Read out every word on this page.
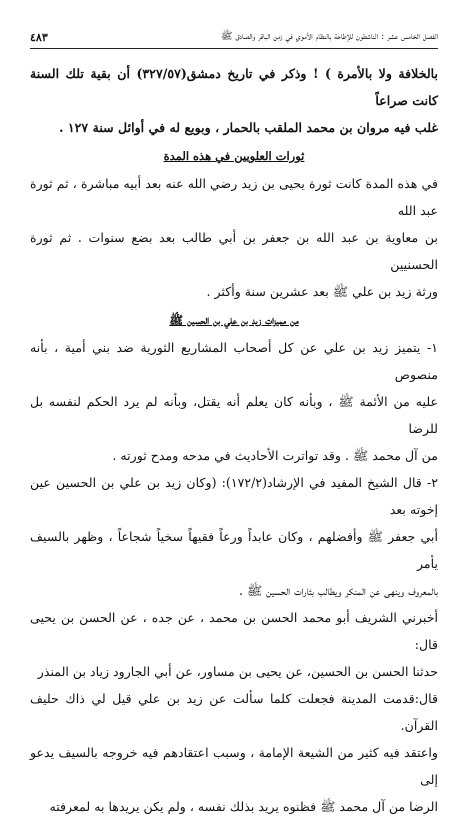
الفصل الخامس عشر : الناشطون للإطاحة بالنظام الأموي في زمن الباقر والصادق ﷺ
٤٨٣

بالخلافة ولا بالأمرة ) ! وذكر في تاريخ دمشق(٣٢٧/٥٧) أن بقية تلك السنة كانت صراعاً

غلب فيه مروان بن محمد الملقب بالحمار ، وبويع له في أوائل سنة ١٢٧ .

ثورات العلويين في هذه المدة

في هذه المدة كانت ثورة يحيى بن زيد رضي الله عنه بعد أبيه مباشرة ، ثم ثورة عبد الله

بن معاوية بن عبد الله بن جعفر بن أبي طالب بعد بضع سنوات . ثم ثورة الحسنيين

ورثة زيد بن علي ﷺ بعد عشرين سنة وأكثر .

من مميزات زيد بن علي بن الحسين ﷺ

١- يتميز زيد بن علي عن كل أصحاب المشاريع الثورية ضد بني أمية ، بأنه منصوص

عليه من الأئمة ﷺ ، وبأنه كان يعلم أنه يقتل، وبأنه لم يرد الحكم لنفسه بل للرضا

من آل محمد ﷺ . وقد تواترت الأحاديث في مدحه ومدح ثورته .

٢- قال الشيخ المفيد في الإرشاد(١٧٢/٢): (وكان زيد بن علي بن الحسين عين إخوته بعد

أبي جعفر ﷺ وأفضلهم ، وكان عابداً ورعاً فقيهاً سخياً شجاعاً ، وظهر بالسيف يأمر

بالمعروف وينهى عن المنكر ويطالب بثارات الحسين ﷺ .

أخبرني الشريف أبو محمد الحسن بن محمد ، عن جده ، عن الحسن بن يحيى قال:

حدثنا الحسن بن الحسين، عن يحيى بن مساور، عن أبي الجارود زياد بن المنذر

قال:قدمت المدينة فجعلت كلما سألت عن زيد بن علي قيل لي ذاك حليف القرآن.

واعتقد فيه كثير من الشيعة الإمامة ، وسبب اعتقادهم فيه خروجه بالسيف يدعو إلى

الرضا من آل محمد ﷺ فظنوه يريد بذلك نفسه ، ولم يكن يريدها به لمعرفته
